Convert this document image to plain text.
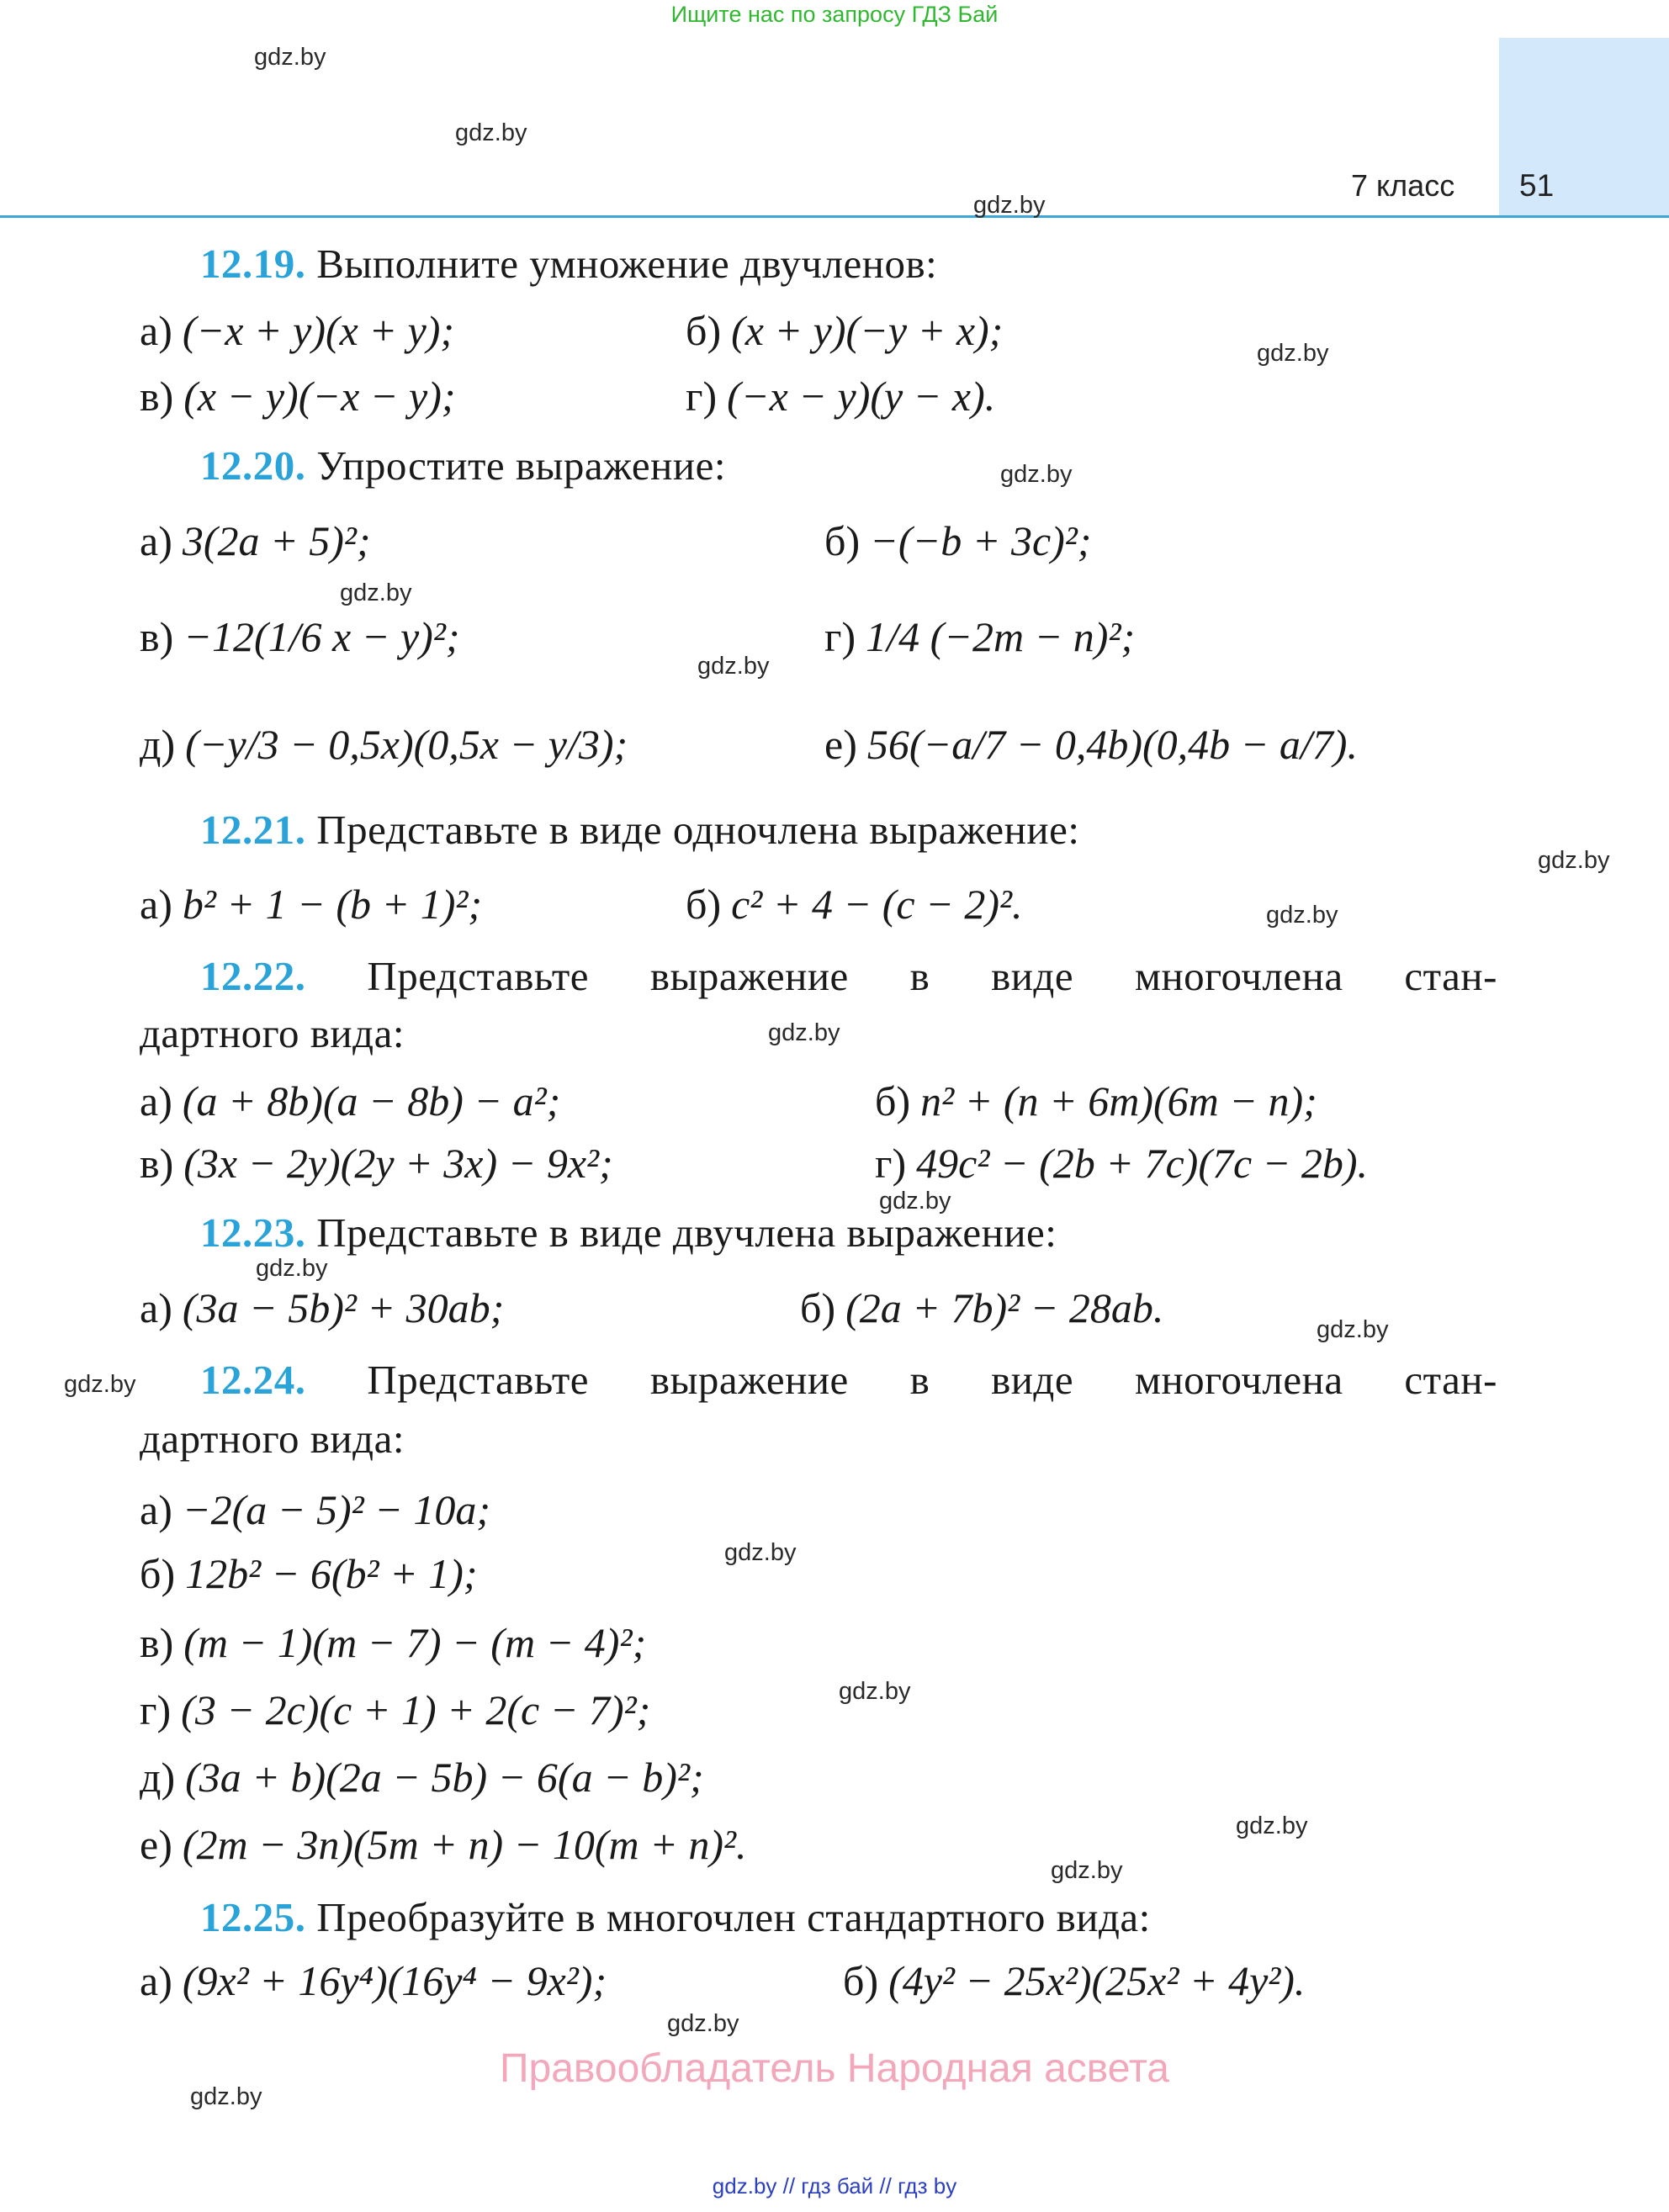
Ищите нас по запросу ГДЗ Бай
7 класс 51
gdz.by
gdz.by
gdz.by
gdz.by
gdz.by
gdz.by
gdz.by
gdz.by
gdz.by
gdz.by
gdz.by
gdz.by
gdz.by
gdz.by
gdz.by
gdz.by
gdz.by
gdz.by
gdz.by
gdz.by
12.19. Выполните умножение двучленов:
а) (−x + y)(x + y);	б) (x + y)(−y + x);
в) (x − y)(−x − y);	г) (−x − y)(y − x).
12.20. Упростите выражение:
а) 3(2a + 5)²;	б) −(−b + 3c)²;
в) −12(1/6 x − y)²;	г) 1/4 (−2m − n)²;
д) (−y/3 − 0,5x)(0,5x − y/3);	е) 56(−a/7 − 0,4b)(0,4b − a/7).
12.21. Представьте в виде одночлена выражение:
а) b² + 1 − (b + 1)²;	б) c² + 4 − (c − 2)².
12.22. Представьте выражение в виде многочлена стан-
дартного вида:
а) (a + 8b)(a − 8b) − a²;	б) n² + (n + 6m)(6m − n);
в) (3x − 2y)(2y + 3x) − 9x²;	г) 49c² − (2b + 7c)(7c − 2b).
12.23. Представьте в виде двучлена выражение:
а) (3a − 5b)² + 30ab;	б) (2a + 7b)² − 28ab.
12.24. Представьте выражение в виде многочлена стан-
дартного вида:
а) −2(a − 5)² − 10a;
б) 12b² − 6(b² + 1);
в) (m − 1)(m − 7) − (m − 4)²;
г) (3 − 2c)(c + 1) + 2(c − 7)²;
д) (3a + b)(2a − 5b) − 6(a − b)²;
е) (2m − 3n)(5m + n) − 10(m + n)².
12.25. Преобразуйте в многочлен стандартного вида:
а) (9x² + 16y⁴)(16y⁴ − 9x²);	б) (4y² − 25x²)(25x² + 4y²).
Правообладатель Народная асвета
gdz.by // гдз бай // гдз by
